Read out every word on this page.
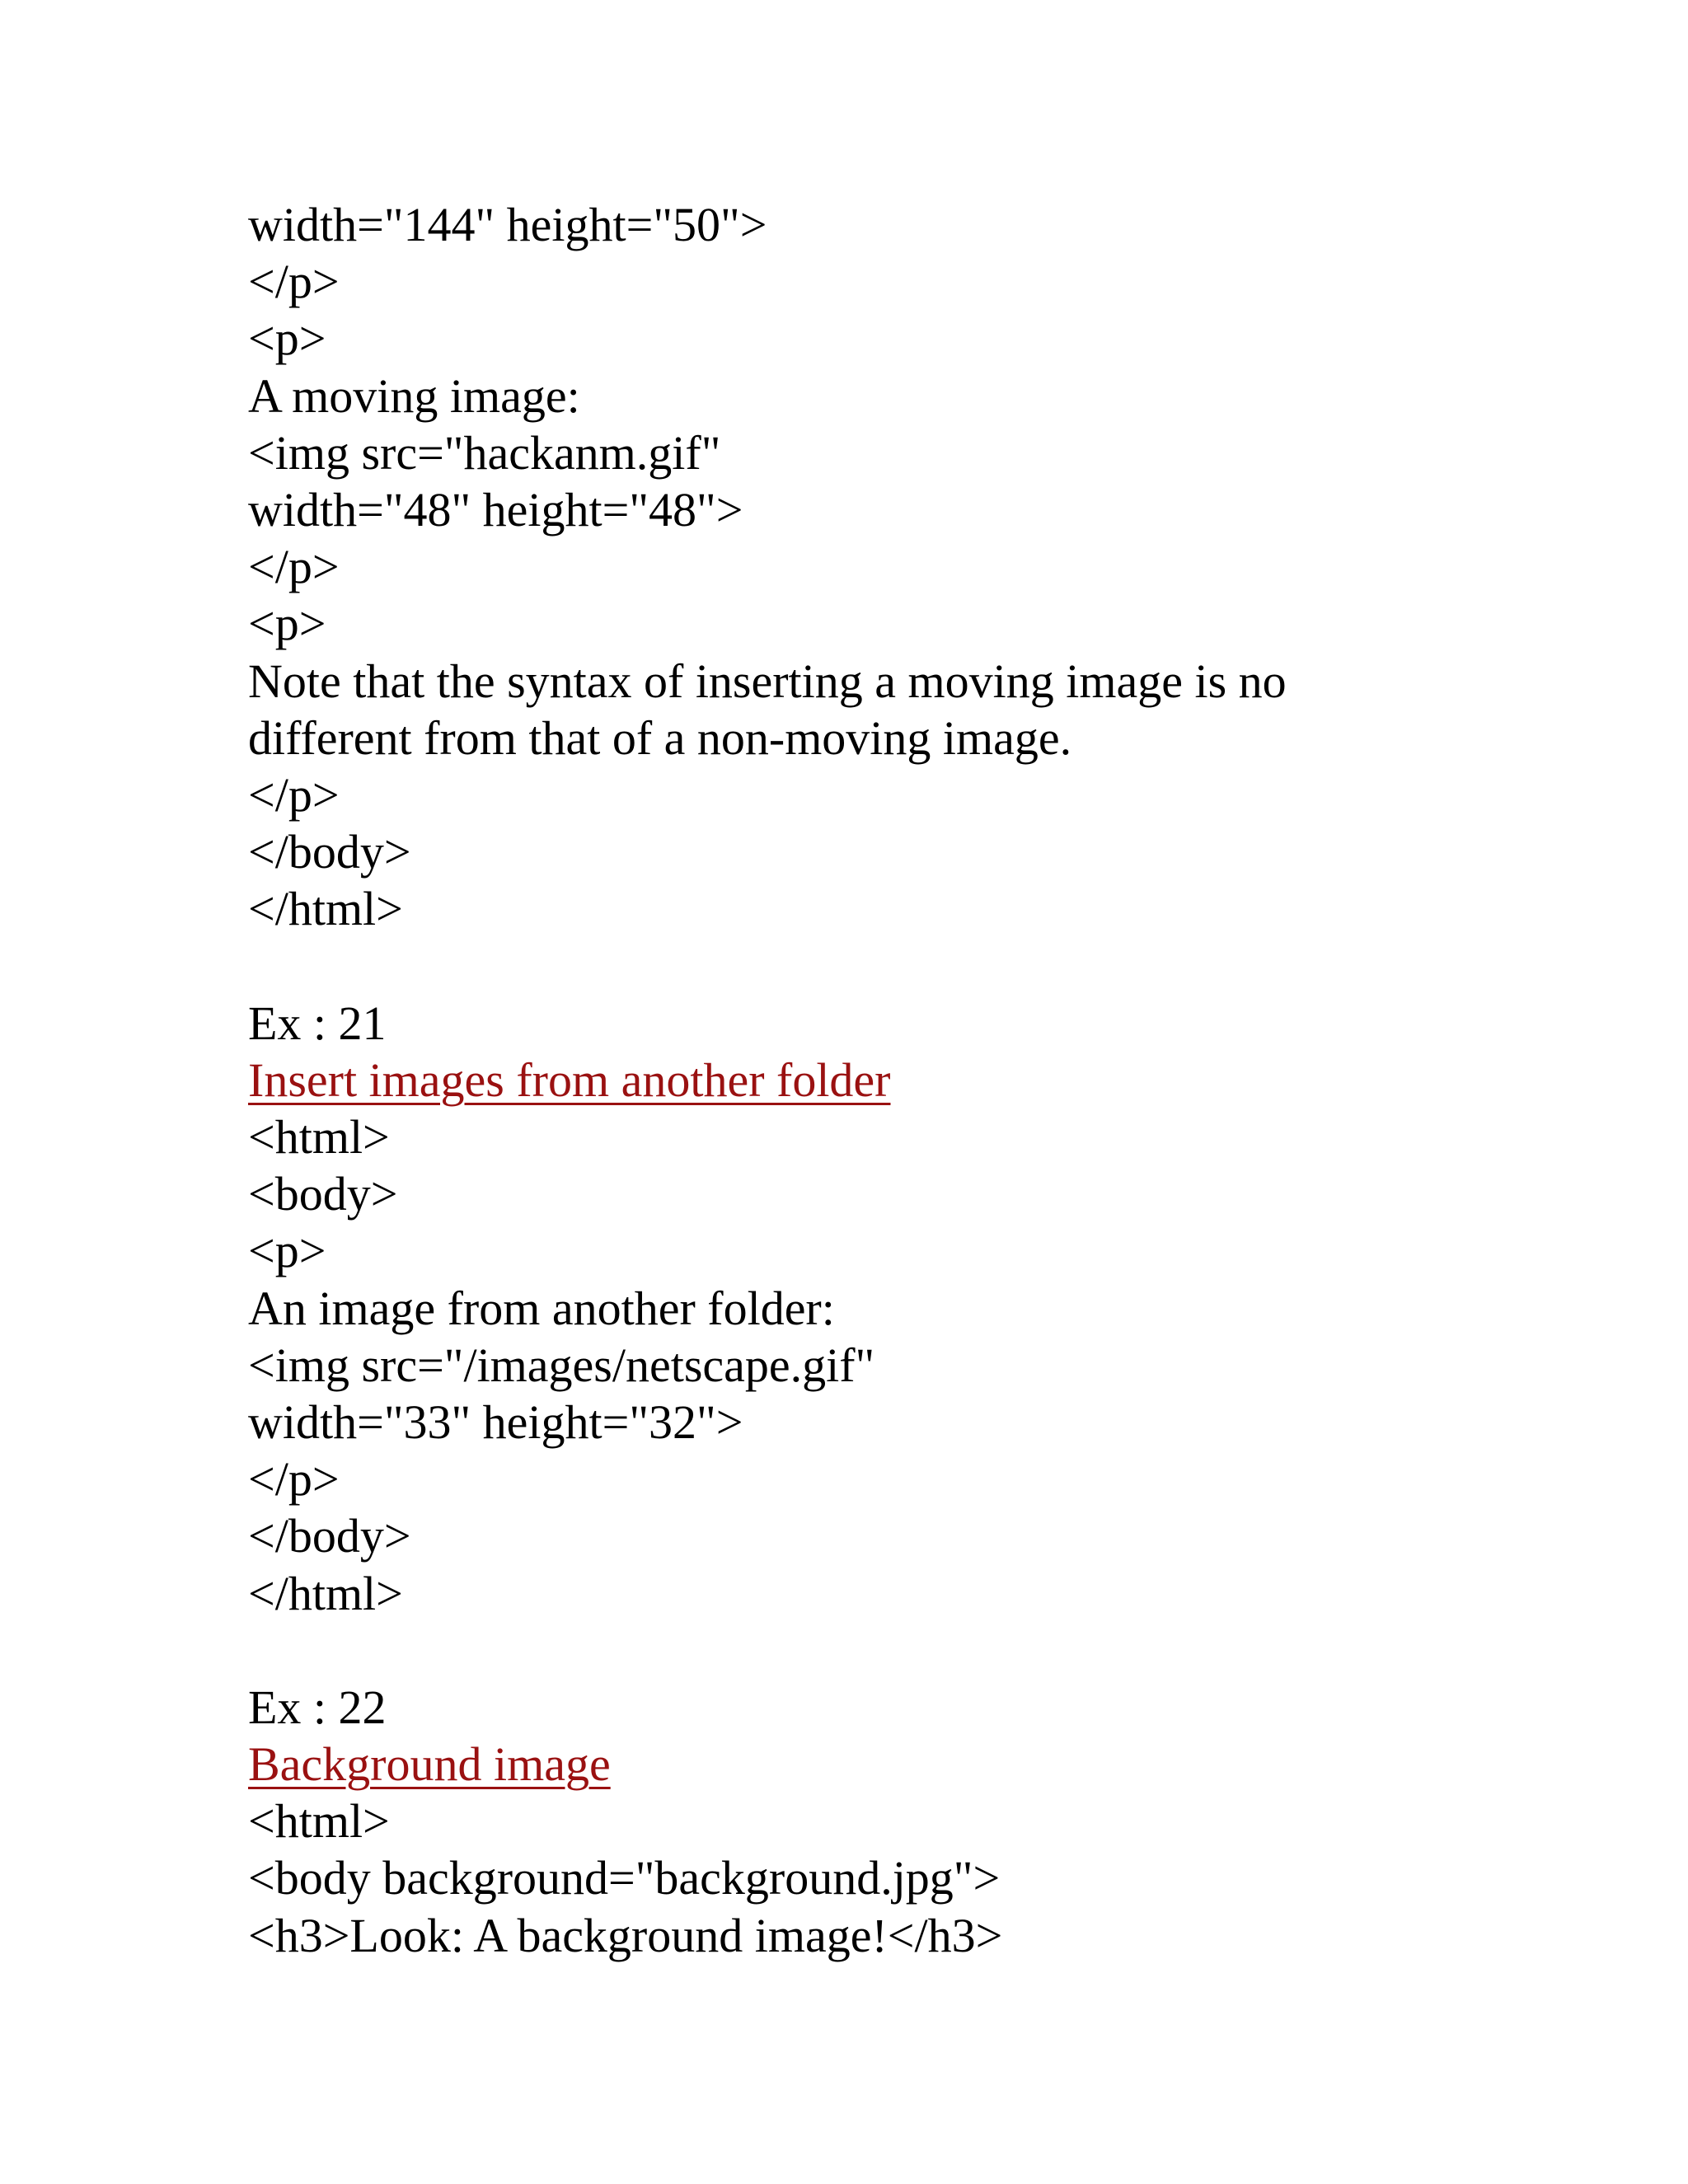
width="144" height="50">
</p>
<p>
A moving image:
<img src="hackanm.gif"
width="48" height="48">
</p>
<p>
Note that the syntax of inserting a moving image is no
different from that of a non-moving image.
</p>
</body>
</html>
Ex : 21
Insert images from another folder
<html>
<body>
<p>
An image from another folder:
<img src="/images/netscape.gif"
width="33" height="32">
</p>
</body>
</html>
Ex : 22
Background image
<html>
<body background="background.jpg">
<h3>Look: A background image!</h3>
